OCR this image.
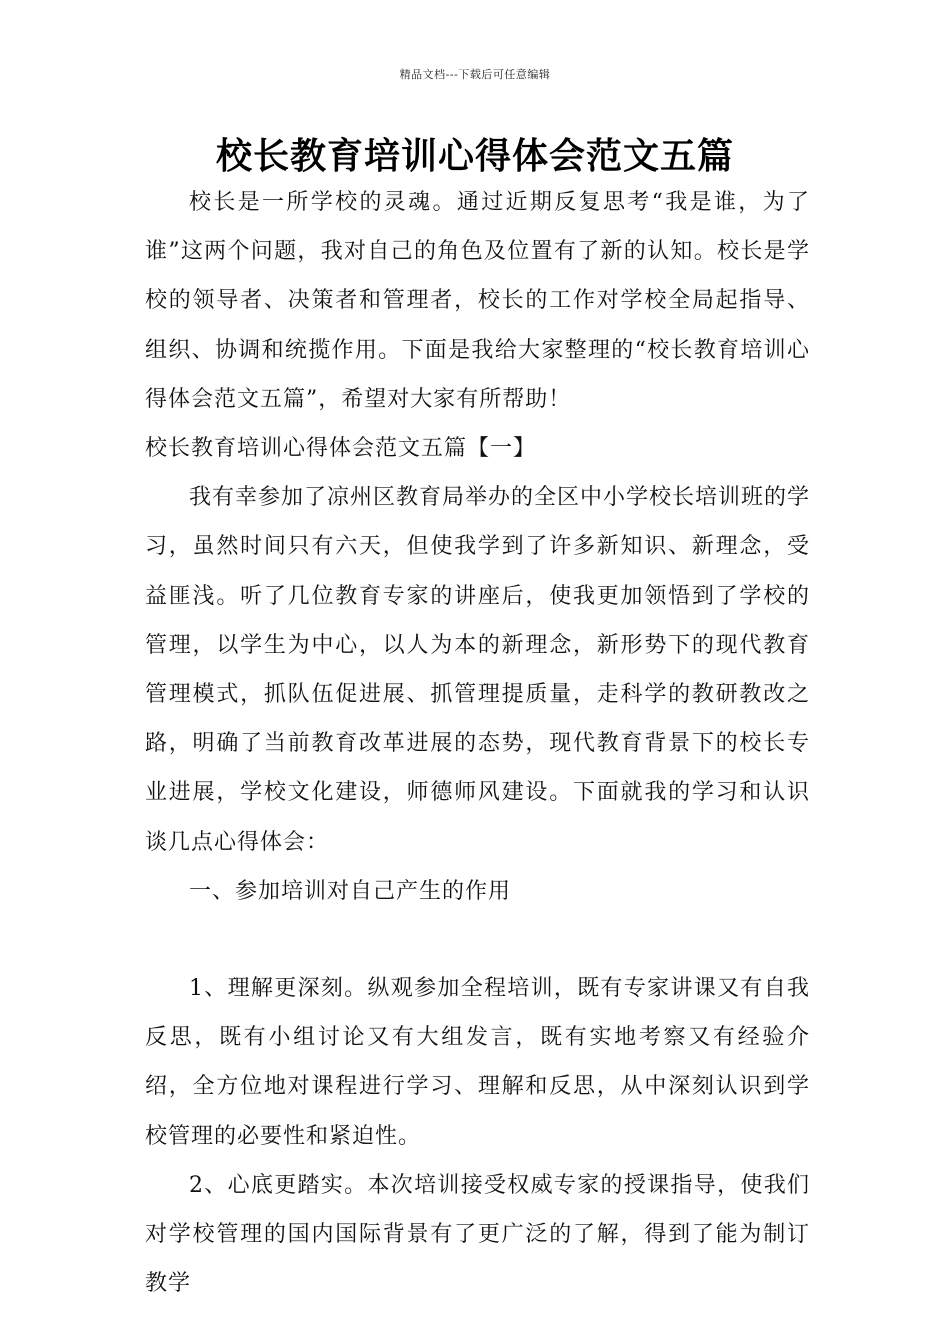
精品文档---下载后可任意编辑
校长教育培训心得体会范文五篇

校长是一所学校的灵魂。通过近期反复思考“我是谁，为了谁”这两个问题，我对自己的角色及位置有了新的认知。校长是学校的领导者、决策者和管理者，校长的工作对学校全局起指导、组织、协调和统揽作用。下面是我给大家整理的“校长教育培训心得体会范文五篇”，希望对大家有所帮助！

校长教育培训心得体会范文五篇【一】

我有幸参加了凉州区教育局举办的全区中小学校长培训班的学习，虽然时间只有六天，但使我学到了许多新知识、新理念，受益匪浅。听了几位教育专家的讲座后，使我更加领悟到了学校的管理，以学生为中心，以人为本的新理念，新形势下的现代教育管理模式，抓队伍促进展、抓管理提质量，走科学的教研教改之路，明确了当前教育改革进展的态势，现代教育背景下的校长专业进展，学校文化建设，师德师风建设。下面就我的学习和认识谈几点心得体会：

一、参加培训对自己产生的作用

1、理解更深刻。纵观参加全程培训，既有专家讲课又有自我反思，既有小组讨论又有大组发言，既有实地考察又有经验介绍，全方位地对课程进行学习、理解和反思，从中深刻认识到学校管理的必要性和紧迫性。

2、心底更踏实。本次培训接受权威专家的授课指导，使我们对学校管理的国内国际背景有了更广泛的了解，得到了能为制订教学
